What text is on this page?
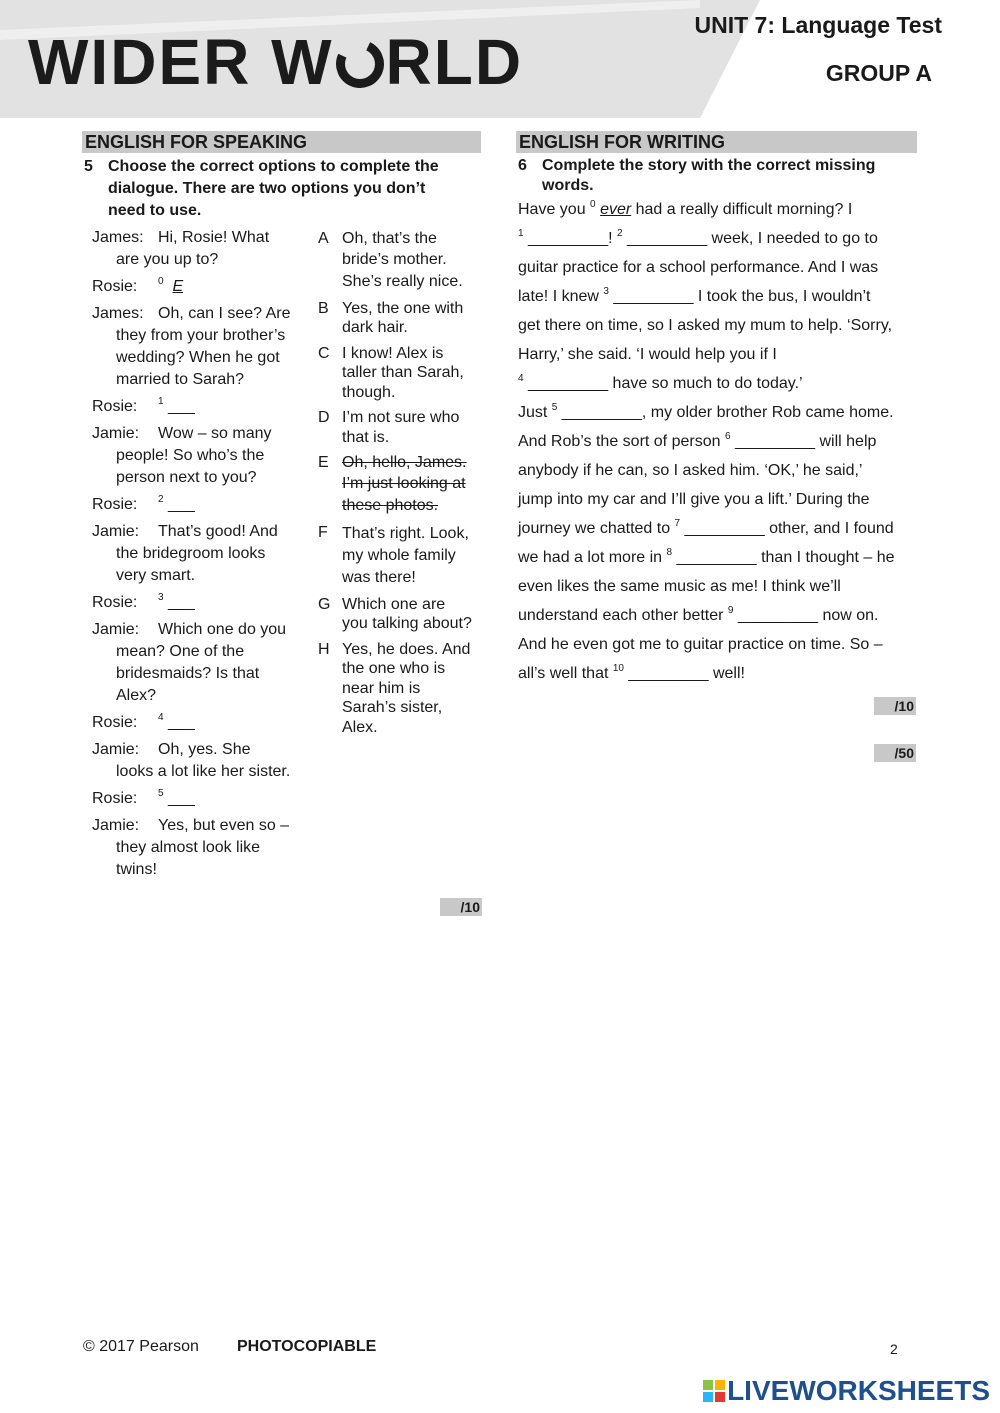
WIDER W RLD
UNIT 7: Language Test
GROUP A
ENGLISH FOR SPEAKING
5 Choose the correct options to complete the
dialogue. There are two options you don’t
need to use.
James: Hi, Rosie! What
are you up to?
Rosie: $^0$ E
James: Oh, can I see? Are
they from your brother’s
wedding? When he got
married to Sarah?
Rosie: $^1$ ___
Jamie: Wow – so many
people! So who’s the
person next to you?
Rosie: $^2$ ___
Jamie: That’s good! And
the bridegroom looks
very smart.
Rosie: $^3$ ___
Jamie: Which one do you
mean? One of the
bridesmaids? Is that
Alex?
Rosie: $^4$ ___
Jamie: Oh, yes. She
looks a lot like her sister.
Rosie: $^5$ ___
Jamie: Yes, but even so –
they almost look like
twins!
A Oh, that’s the
bride’s mother.
She’s really nice.
B Yes, the one with
dark hair.
C I know! Alex is
taller than Sarah,
though.
D I’m not sure who
that is.
E Oh, hello, James.
I’m just looking at
these photos.
F That’s right. Look,
my whole family
was there!
G Which one are
you talking about?
H Yes, he does. And
the one who is
near him is
Sarah’s sister,
Alex.
/10
ENGLISH FOR WRITING
6 Complete the story with the correct missing
words.
Have you $^0$ ever had a really difficult morning? I
$^1$ _________! $^2$ _________ week, I needed to go to
guitar practice for a school performance. And I was
late! I knew $^3$ _________ I took the bus, I wouldn’t
get there on time, so I asked my mum to help. ‘Sorry,
Harry,’ she said. ‘I would help you if I
$^4$ _________ have so much to do today.’
Just $^5$ _________, my older brother Rob came home.
And Rob’s the sort of person $^6$ _________ will help
anybody if he can, so I asked him. ‘OK,’ he said,’
jump into my car and I’ll give you a lift.’ During the
journey we chatted to $^7$ _________ other, and I found
we had a lot more in $^8$ _________ than I thought – he
even likes the same music as me! I think we’ll
understand each other better $^9$ _________ now on.
And he even got me to guitar practice on time. So –
all’s well that $^{10}$ _________ well!
/10
/50
© 2017 Pearson PHOTOCOPIABLE	2
LIVEWORKSHEETS
